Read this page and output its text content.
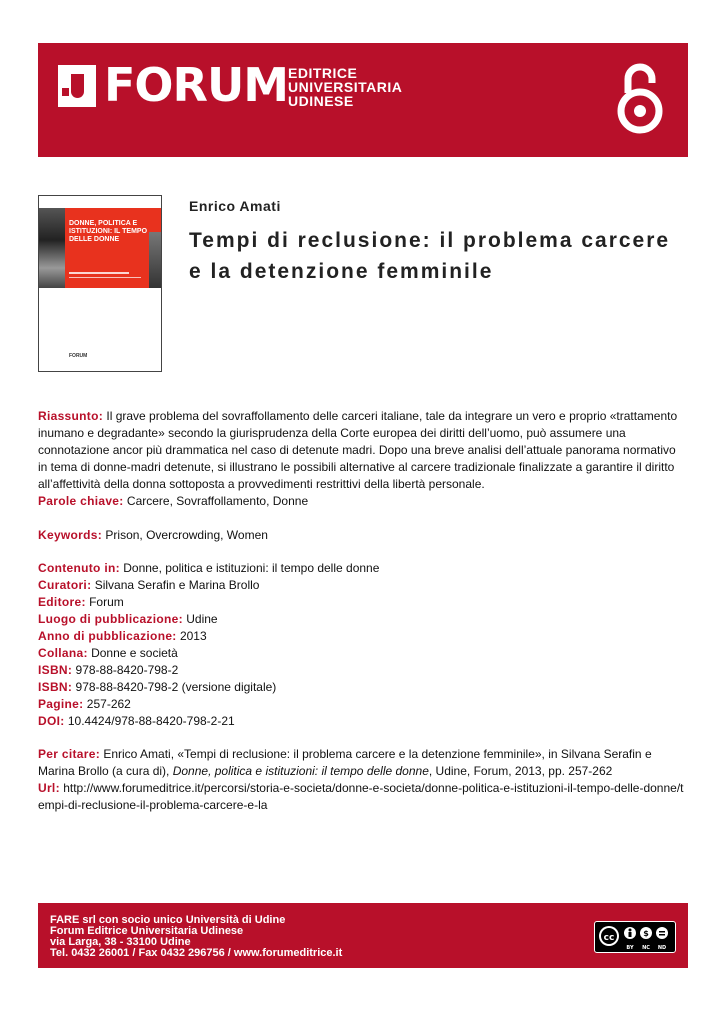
FORUM EDITRICE
UNIVERSITARIA
UDINESE
DONNE, POLITICA E ISTITUZIONI: IL TEMPO DELLE DONNE
FORUM
Enrico Amati
Tempi di reclusione: il problema carcere e la detenzione femminile
Riassunto: Il grave problema del sovraffollamento delle carceri italiane, tale da integrare un vero e proprio «trattamento inumano e degradante» secondo la giurisprudenza della Corte europea dei diritti dell’uomo, può assumere una connotazione ancor più drammatica nel caso di detenute madri. Dopo una breve analisi dell’attuale panorama normativo in tema di donne-madri detenute, si illustrano le possibili alternative al carcere tradizionale finalizzate a garantire il diritto all’affettività della donna sottoposta a provvedimenti restrittivi della libertà personale.
Parole chiave: Carcere, Sovraffollamento, Donne
Keywords: Prison, Overcrowding, Women
Contenuto in: Donne, politica e istituzioni: il tempo delle donne
Curatori: Silvana Serafin e Marina Brollo
Editore: Forum
Luogo di pubblicazione: Udine
Anno di pubblicazione: 2013
Collana: Donne e società
ISBN: 978-88-8420-798-2
ISBN: 978-88-8420-798-2 (versione digitale)
Pagine: 257-262
DOI: 10.4424/978-88-8420-798-2-21
Per citare: Enrico Amati, «Tempi di reclusione: il problema carcere e la detenzione femminile», in Silvana Serafin e Marina Brollo (a cura di), Donne, politica e istituzioni: il tempo delle donne, Udine, Forum, 2013, pp. 257-262
Url: http://www.forumeditrice.it/percorsi/storia-e-societa/donne-e-societa/donne-politica-e-istituzioni-il-tempo-delle-donne/tempi-di-reclusione-il-problema-carcere-e-la
FARE srl con socio unico Università di Udine
Forum Editrice Universitaria Udinese
via Larga, 38 - 33100 Udine
Tel. 0432 26001 / Fax 0432 296756 / www.forumeditrice.it
cc	$
BY NC ND
